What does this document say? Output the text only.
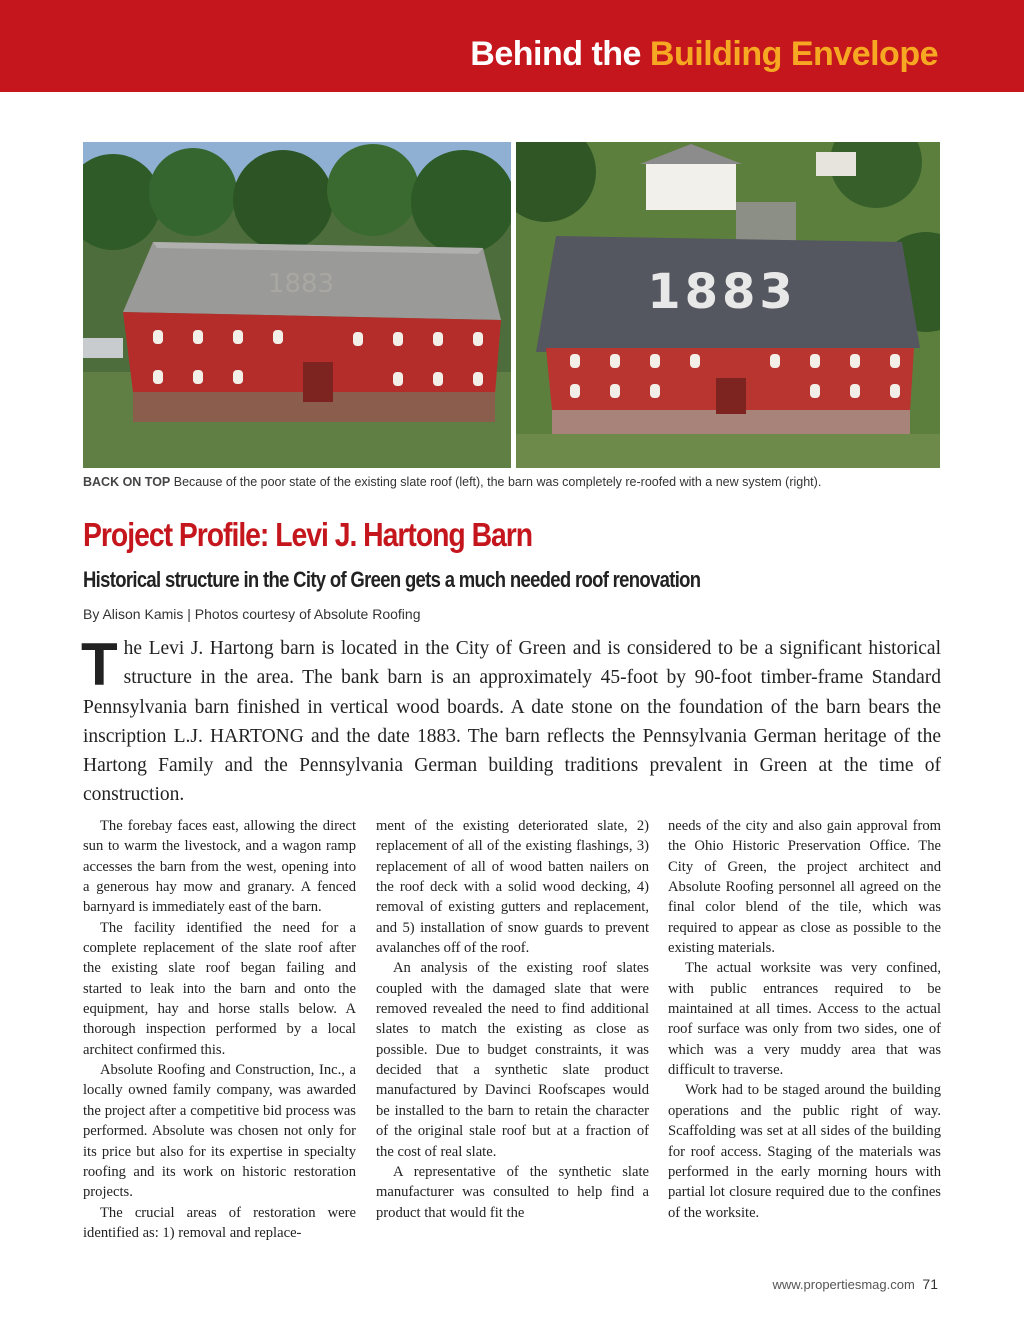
Behind the Building Envelope
1883	1883
BACK ON TOP Because of the poor state of the existing slate roof (left), the barn was completely re-roofed with a new system (right).
Project Profile: Levi J. Hartong Barn
Historical structure in the City of Green gets a much needed roof renovation
By Alison Kamis | Photos courtesy of Absolute Roofing

T he Levi J. Hartong barn is located in the City of Green and is considered to be a significant historical structure in the area. The bank barn is an approximately 45-foot by 90-foot timber-frame Standard Pennsylvania barn finished in vertical wood boards. A date stone on the foundation of the barn bears the inscription L.J. HARTONG and the date 1883. The barn reflects the Pennsylvania German heritage of the Hartong Family and the Pennsylvania German building traditions prevalent in Green at the time of construction.

The forebay faces east, allowing the direct sun to warm the livestock, and a wagon ramp accesses the barn from the west, opening into a generous hay mow and granary. A fenced barnyard is immediately east of the barn.

The facility identified the need for a complete replacement of the slate roof after the existing slate roof began failing and started to leak into the barn and onto the equipment, hay and horse stalls below. A thorough inspection performed by a local architect confirmed this.

Absolute Roofing and Construction, Inc., a locally owned family company, was awarded the project after a competitive bid process was performed. Absolute was chosen not only for its price but also for its expertise in specialty roofing and its work on historic restoration projects.

The crucial areas of restoration were identified as: 1) removal and replace-

ment of the existing deteriorated slate, 2) replacement of all of the existing flashings, 3) replacement of all of wood batten nailers on the roof deck with a solid wood decking, 4) removal of existing gutters and replacement, and 5) installation of snow guards to prevent avalanches off of the roof.

An analysis of the existing roof slates coupled with the damaged slate that were removed revealed the need to find additional slates to match the existing as close as possible. Due to budget constraints, it was decided that a synthetic slate product manufactured by Davinci Roofscapes would be installed to the barn to retain the character of the original stale roof but at a fraction of the cost of real slate.

A representative of the synthetic slate manufacturer was consulted to help find a product that would fit the

needs of the city and also gain approval from the Ohio Historic Preservation Office. The City of Green, the project architect and Absolute Roofing personnel all agreed on the final color blend of the tile, which was required to appear as close as possible to the existing materials.

The actual worksite was very confined, with public entrances required to be maintained at all times. Access to the actual roof surface was only from two sides, one of which was a very muddy area that was difficult to traverse.

Work had to be staged around the building operations and the public right of way. Scaffolding was set at all sides of the building for roof access. Staging of the materials was performed in the early morning hours with partial lot closure required due to the confines of the worksite.

www.propertiesmag.com 71
